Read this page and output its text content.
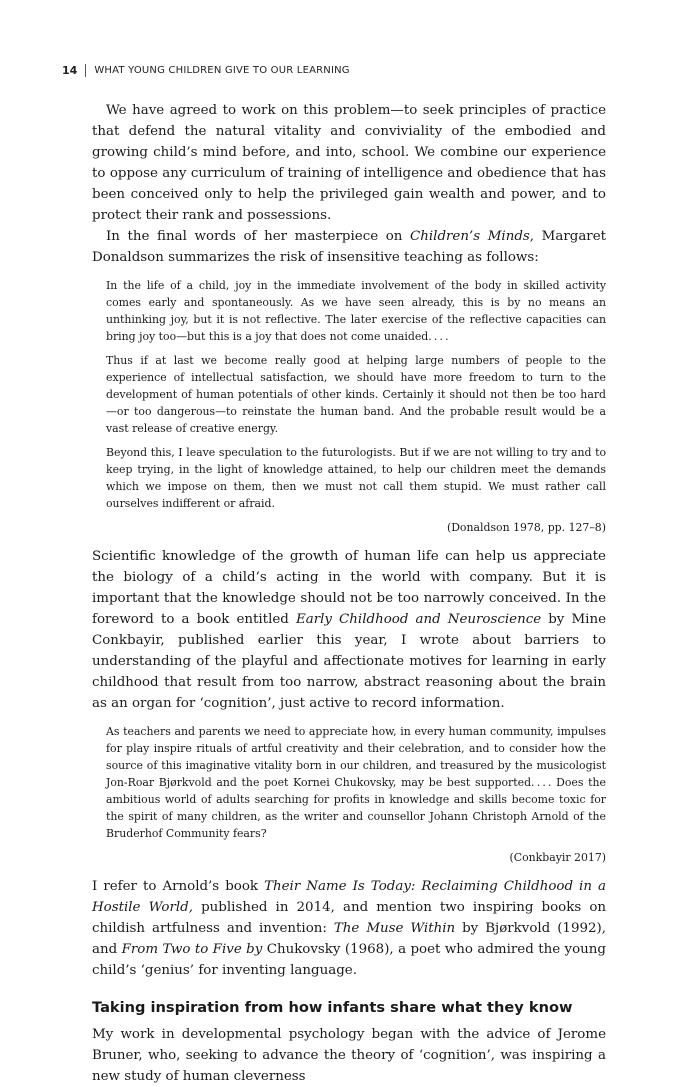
14 WHAT YOUNG CHILDREN GIVE TO OUR LEARNING

We have agreed to work on this problem—to seek principles of practice that defend the natural vitality and conviviality of the embodied and growing child’s mind before, and into, school. We combine our experience to oppose any curriculum of training of intelligence and obedience that has been conceived only to help the privileged gain wealth and power, and to protect their rank and possessions.

In the final words of her masterpiece on Children’s Minds, Margaret Donaldson summarizes the risk of insensitive teaching as follows:

In the life of a child, joy in the immediate involvement of the body in skilled activity comes early and spontaneously. As we have seen already, this is by no means an unthinking joy, but it is not reflective. The later exercise of the reflective capacities can bring joy too—but this is a joy that does not come unaided. . . .

Thus if at last we become really good at helping large numbers of people to the experience of intellectual satisfaction, we should have more freedom to turn to the development of human potentials of other kinds. Certainly it should not then be too hard—or too dangerous—to reinstate the human band. And the probable result would be a vast release of creative energy.

Beyond this, I leave speculation to the futurologists. But if we are not willing to try and to keep trying, in the light of knowledge attained, to help our children meet the demands which we impose on them, then we must not call them stupid. We must rather call ourselves indifferent or afraid.

(Donaldson 1978, pp. 127–8)

Scientific knowledge of the growth of human life can help us appreciate the biology of a child’s acting in the world with company. But it is important that the knowledge should not be too narrowly conceived. In the foreword to a book entitled Early Childhood and Neuroscience by Mine Conkbayir, published earlier this year, I wrote about barriers to understanding of the playful and affectionate motives for learning in early childhood that result from too narrow, abstract reasoning about the brain as an organ for ‘cognition’, just active to record information.

As teachers and parents we need to appreciate how, in every human community, impulses for play inspire rituals of artful creativity and their celebration, and to consider how the source of this imaginative vitality born in our children, and treasured by the musicologist Jon-Roar Bjørkvold and the poet Kornei Chukovsky, may be best supported. . . . Does the ambitious world of adults searching for profits in knowledge and skills become toxic for the spirit of many children, as the writer and counsellor Johann Christoph Arnold of the Bruderhof Community fears?

(Conkbayir 2017)

I refer to Arnold’s book Their Name Is Today: Reclaiming Childhood in a Hostile World, published in 2014, and mention two inspiring books on childish artfulness and invention: The Muse Within by Bjørkvold (1992), and From Two to Five by Chukovsky (1968), a poet who admired the young child’s ‘genius’ for inventing language.

Taking inspiration from how infants share what they know

My work in developmental psychology began with the advice of Jerome Bruner, who, seeking to advance the theory of ‘cognition’, was inspiring a new study of human cleverness
